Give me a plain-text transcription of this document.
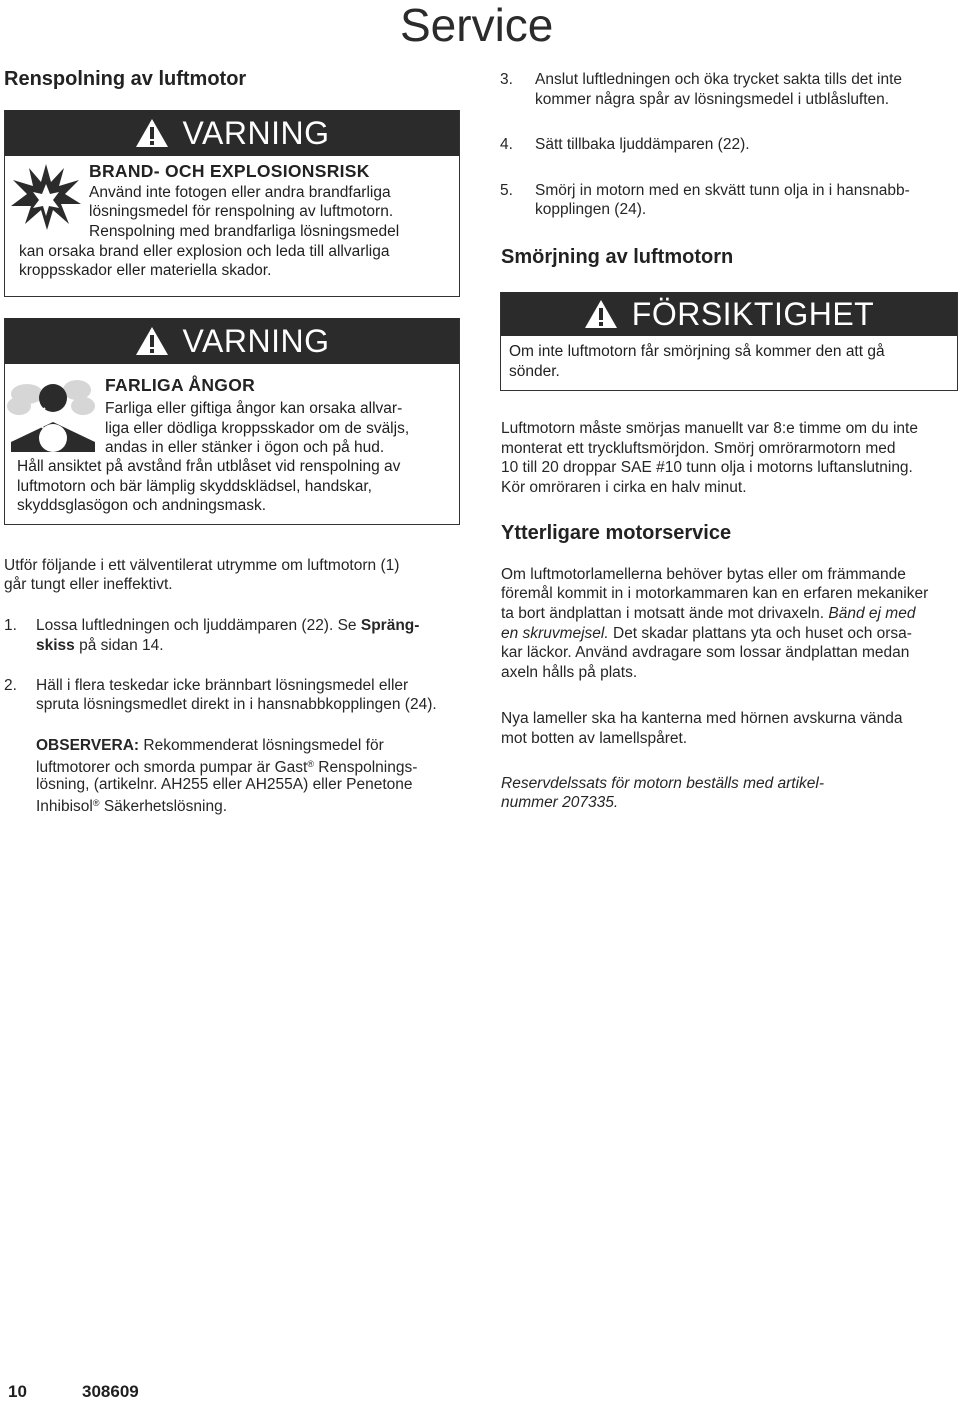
Service
Renspolning av luftmotor
VARNING
BRAND- OCH EXPLOSIONSRISK
Använd inte fotogen eller andra brandfarliga
lösningsmedel för renspolning av luftmotorn.
Renspolning med brandfarliga lösningsmedel
kan orsaka brand eller explosion och leda till allvarliga
kroppsskador eller materiella skador.
VARNING
FARLIGA ÅNGOR
Farliga eller giftiga ångor kan orsaka allvar-
liga eller dödliga kroppsskador om de sväljs,
andas in eller stänker i ögon och på hud.
Håll ansiktet på avstånd från utblåset vid renspolning av
luftmotorn och bär lämplig skyddsklädsel, handskar,
skyddsglasögon och andningsmask.

Utför följande i ett välventilerat utrymme om luftmotorn (1)

går tungt eller ineffektivt.

1. Lossa luftledningen och ljuddämparen (22). Se Spräng-

skiss på sidan 14.

2. Häll i flera teskedar icke brännbart lösningsmedel eller

spruta lösningsmedlet direkt in i hansnabbkopplingen (24).

OBSERVERA: Rekommenderat lösningsmedel för

luftmotorer och smorda pumpar är Gast® Renspolnings-

lösning, (artikelnr. AH255 eller AH255A) eller Penetone

Inhibisol® Säkerhetslösning.

3. Anslut luftledningen och öka trycket sakta tills det inte

kommer några spår av lösningsmedel i utblåsluften.

4. Sätt tillbaka ljuddämparen (22).

5. Smörj in motorn med en skvätt tunn olja in i hansnabb-

kopplingen (24).

Smörjning av luftmotorn
FÖRSIKTIGHET
Om inte luftmotorn får smörjning så kommer den att gå
sönder.

Luftmotorn måste smörjas manuellt var 8:e timme om du inte

monterat ett tryckluftsmörjdon. Smörj omrörarmotorn med

10 till 20 droppar SAE #10 tunn olja i motorns luftanslutning.

Kör omröraren i cirka en halv minut.

Ytterligare motorservice

Om luftmotorlamellerna behöver bytas eller om främmande

föremål kommit in i motorkammaren kan en erfaren mekaniker

ta bort ändplattan i motsatt ände mot drivaxeln. Bänd ej med

en skruvmejsel. Det skadar plattans yta och huset och orsa-

kar läckor. Använd avdragare som lossar ändplattan medan

axeln hålls på plats.

Nya lameller ska ha kanterna med hörnen avskurna vända

mot botten av lamellspåret.

Reservdelssats för motorn beställs med artikel-

nummer 207335.

10	308609
